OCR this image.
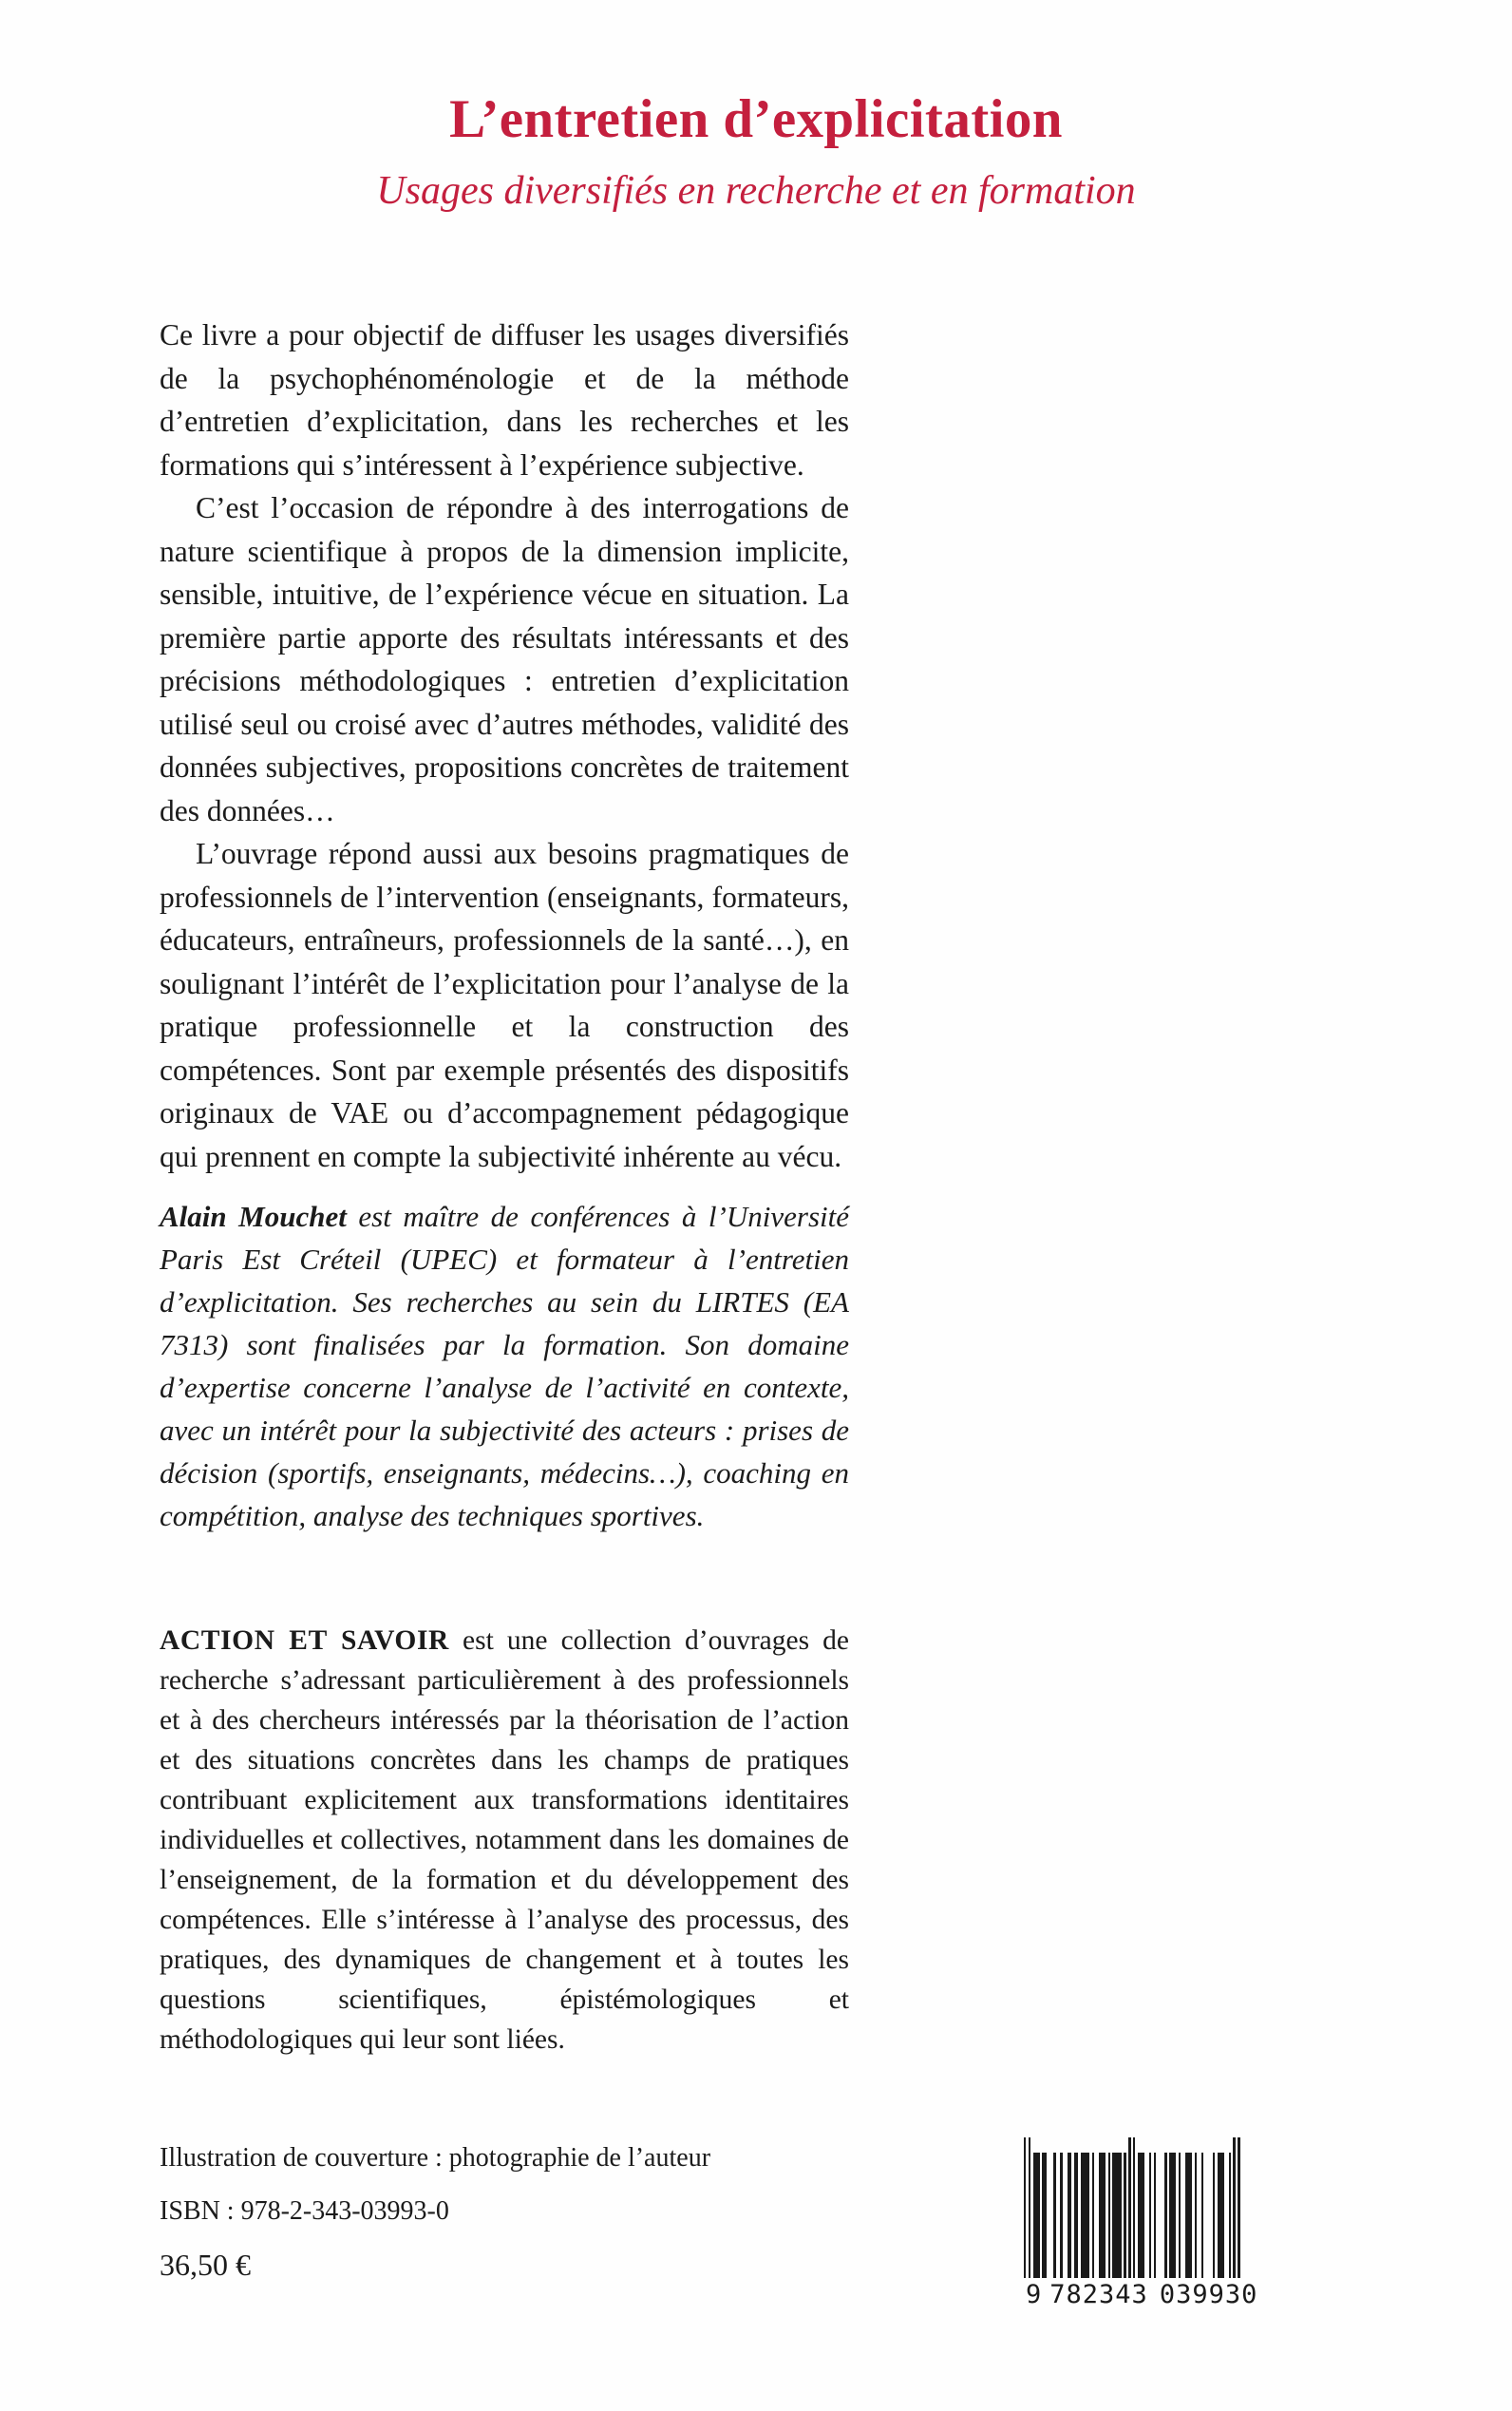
L’entretien d’explicitation
Usages diversifiés en recherche et en formation

Ce livre a pour objectif de diffuser les usages diversifiés de la psychophénoménologie et de la méthode d’entretien d’explicitation, dans les recherches et les formations qui s’intéressent à l’expérience subjective.

C’est l’occasion de répondre à des interrogations de nature scientifique à propos de la dimension implicite, sensible, intuitive, de l’expérience vécue en situation. La première partie apporte des résultats intéressants et des précisions méthodologiques : entretien d’explicitation utilisé seul ou croisé avec d’autres méthodes, validité des données subjectives, propositions concrètes de traitement des données…

L’ouvrage répond aussi aux besoins pragmatiques de professionnels de l’intervention (enseignants, formateurs, éducateurs, entraîneurs, professionnels de la santé…), en soulignant l’intérêt de l’explicitation pour l’analyse de la pratique professionnelle et la construction des compétences. Sont par exemple présentés des dispositifs originaux de VAE ou d’accompagnement pédagogique qui prennent en compte la subjectivité inhérente au vécu.

Alain Mouchet est maître de conférences à l’Université Paris Est Créteil (UPEC) et formateur à l’entretien d’explicitation. Ses recherches au sein du LIRTES (EA 7313) sont finalisées par la formation. Son domaine d’expertise concerne l’analyse de l’activité en contexte, avec un intérêt pour la subjectivité des acteurs : prises de décision (sportifs, enseignants, médecins…), coaching en compétition, analyse des techniques sportives.

ACTION ET SAVOIR est une collection d’ouvrages de recherche s’adressant particulièrement à des professionnels et à des chercheurs intéressés par la théorisation de l’action et des situations concrètes dans les champs de pratiques contribuant explicitement aux transformations identitaires individuelles et collectives, notamment dans les domaines de l’enseignement, de la formation et du développement des compétences. Elle s’intéresse à l’analyse des processus, des pratiques, des dynamiques de changement et à toutes les questions scientifiques, épistémologiques et méthodologiques qui leur sont liées.

Illustration de couverture : photographie de l’auteur
ISBN : 978-2-343-03993-0
36,50 €
9 782343 039930
